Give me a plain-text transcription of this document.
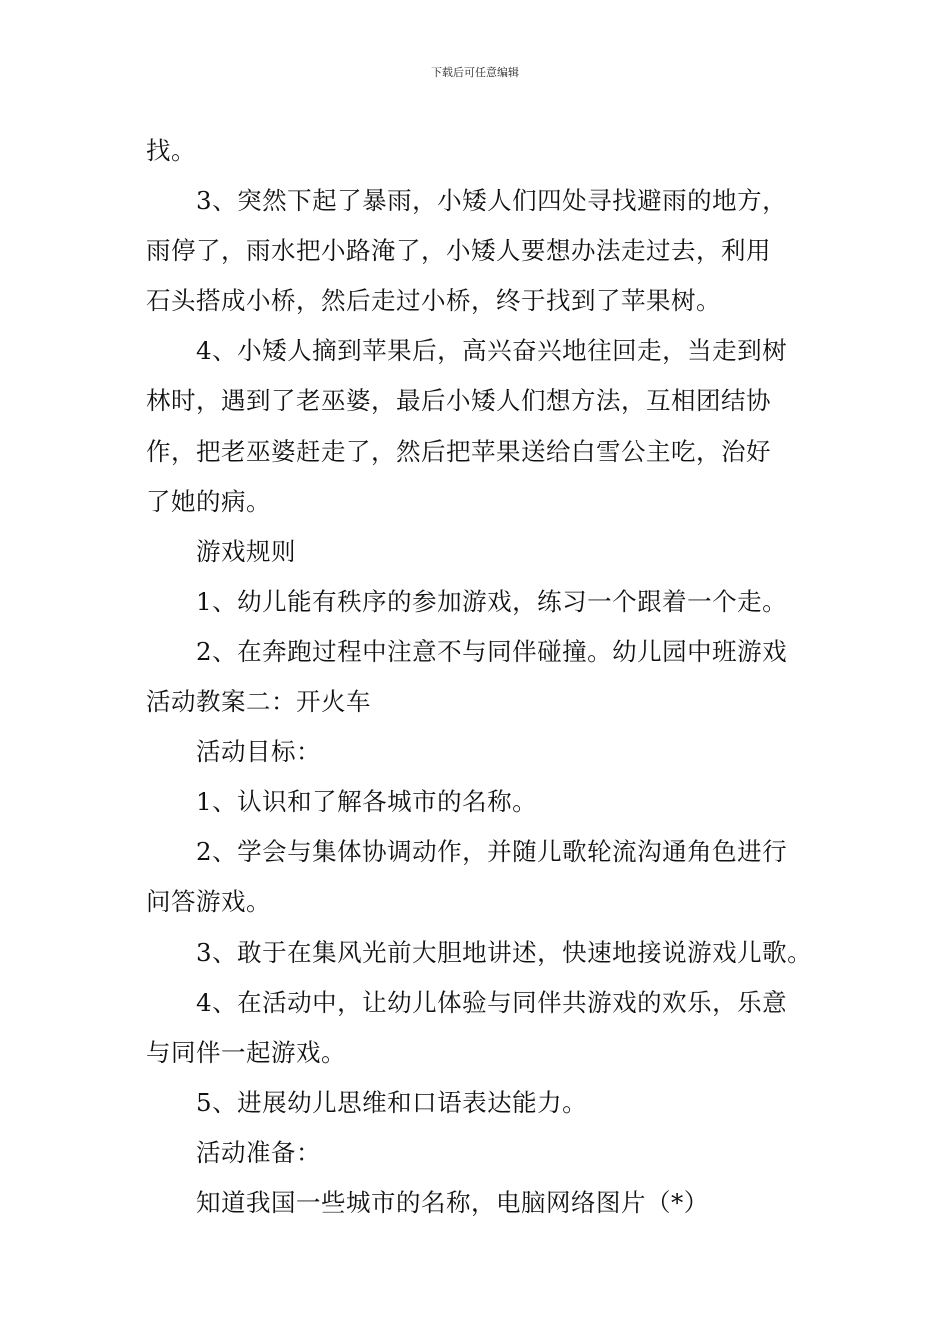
下载后可任意编辑
找。
3、突然下起了暴雨，小矮人们四处寻找避雨的地方，
雨停了，雨水把小路淹了，小矮人要想办法走过去，利用
石头搭成小桥，然后走过小桥，终于找到了苹果树。
4、小矮人摘到苹果后，高兴奋兴地往回走，当走到树
林时，遇到了老巫婆，最后小矮人们想方法，互相团结协
作，把老巫婆赶走了，然后把苹果送给白雪公主吃，治好
了她的病。
游戏规则
1、幼儿能有秩序的参加游戏，练习一个跟着一个走。
2、在奔跑过程中注意不与同伴碰撞。幼儿园中班游戏
活动教案二：开火车
活动目标：
1、认识和了解各城市的名称。
2、学会与集体协调动作，并随儿歌轮流沟通角色进行
问答游戏。
3、敢于在集风光前大胆地讲述，快速地接说游戏儿歌。
4、在活动中，让幼儿体验与同伴共游戏的欢乐，乐意
与同伴一起游戏。
5、进展幼儿思维和口语表达能力。
活动准备：
知道我国一些城市的名称，电脑网络图片（*）
